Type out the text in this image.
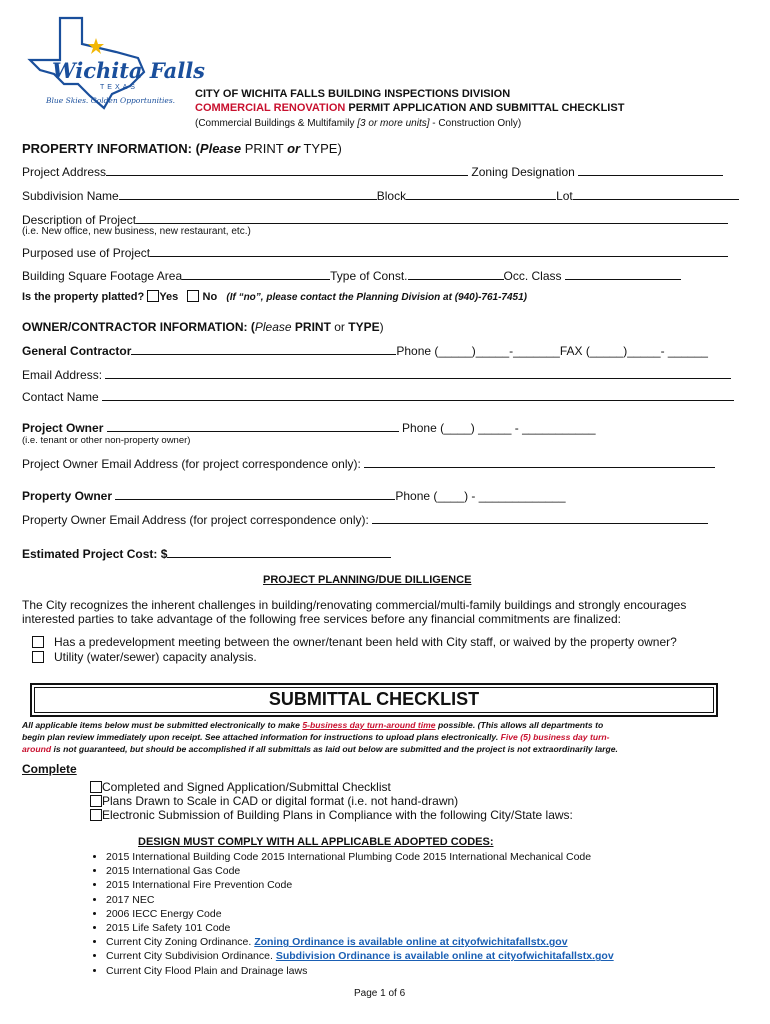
Wichita Falls
TEXAS
Blue Skies. Golden Opportunities.
CITY OF WICHITA FALLS BUILDING INSPECTIONS DIVISION
COMMERCIAL RENOVATION PERMIT APPLICATION AND SUBMITTAL CHECKLIST
(Commercial Buildings & Multifamily [3 or more units] - Construction Only)
PROPERTY INFORMATION: (Please PRINT or TYPE)
Project Address	Zoning Designation
Subdivision Name	Block	Lot
Description of Project
(i.e. New office, new business, new restaurant, etc.)
Purposed use of Project
Building Square Footage Area	Type of Const.	Occ. Class
Is the property platted? Yes No (If “no”, please contact the Planning Division at (940)-761-7451)
OWNER/CONTRACTOR INFORMATION: (Please PRINT or TYPE)
General Contractor	Phone (_____)_____-_______FAX (_____)_____- ______
Email Address:
Contact Name
Project Owner	Phone (____) _____ - ___________
(i.e. tenant or other non-property owner)
Project Owner Email Address (for project correspondence only):
Property Owner	Phone (____) - _____________
Property Owner Email Address (for project correspondence only):
Estimated Project Cost: $
PROJECT PLANNING/DUE DILLIGENCE
The City recognizes the inherent challenges in building/renovating commercial/multi-family buildings and strongly encourages
interested parties to take advantage of the following free services before any financial commitments are finalized:
Has a predevelopment meeting between the owner/tenant been held with City staff, or waived by the property owner?
Utility (water/sewer) capacity analysis.
SUBMITTAL CHECKLIST
All applicable items below must be submitted electronically to make 5-business day turn-around time possible. (This allows all departments to
begin plan review immediately upon receipt. See attached information for instructions to upload plans electronically. Five (5) business day turn-
around is not guaranteed, but should be accomplished if all submittals as laid out below are submitted and the project is not extraordinarily large.
Complete
Completed and Signed Application/Submittal Checklist
Plans Drawn to Scale in CAD or digital format (i.e. not hand-drawn)
Electronic Submission of Building Plans in Compliance with the following City/State laws:
DESIGN MUST COMPLY WITH ALL APPLICABLE ADOPTED CODES:
• 2015 International Building Code 2015 International Plumbing Code 2015 International Mechanical Code
• 2015 International Gas Code
• 2015 International Fire Prevention Code
• 2017 NEC
• 2006 IECC Energy Code
• 2015 Life Safety 101 Code
• Current City Zoning Ordinance. Zoning Ordinance is available online at cityofwichitafallstx.gov
• Current City Subdivision Ordinance. Subdivision Ordinance is available online at cityofwichitafallstx.gov
• Current City Flood Plain and Drainage laws
Page 1 of 6
